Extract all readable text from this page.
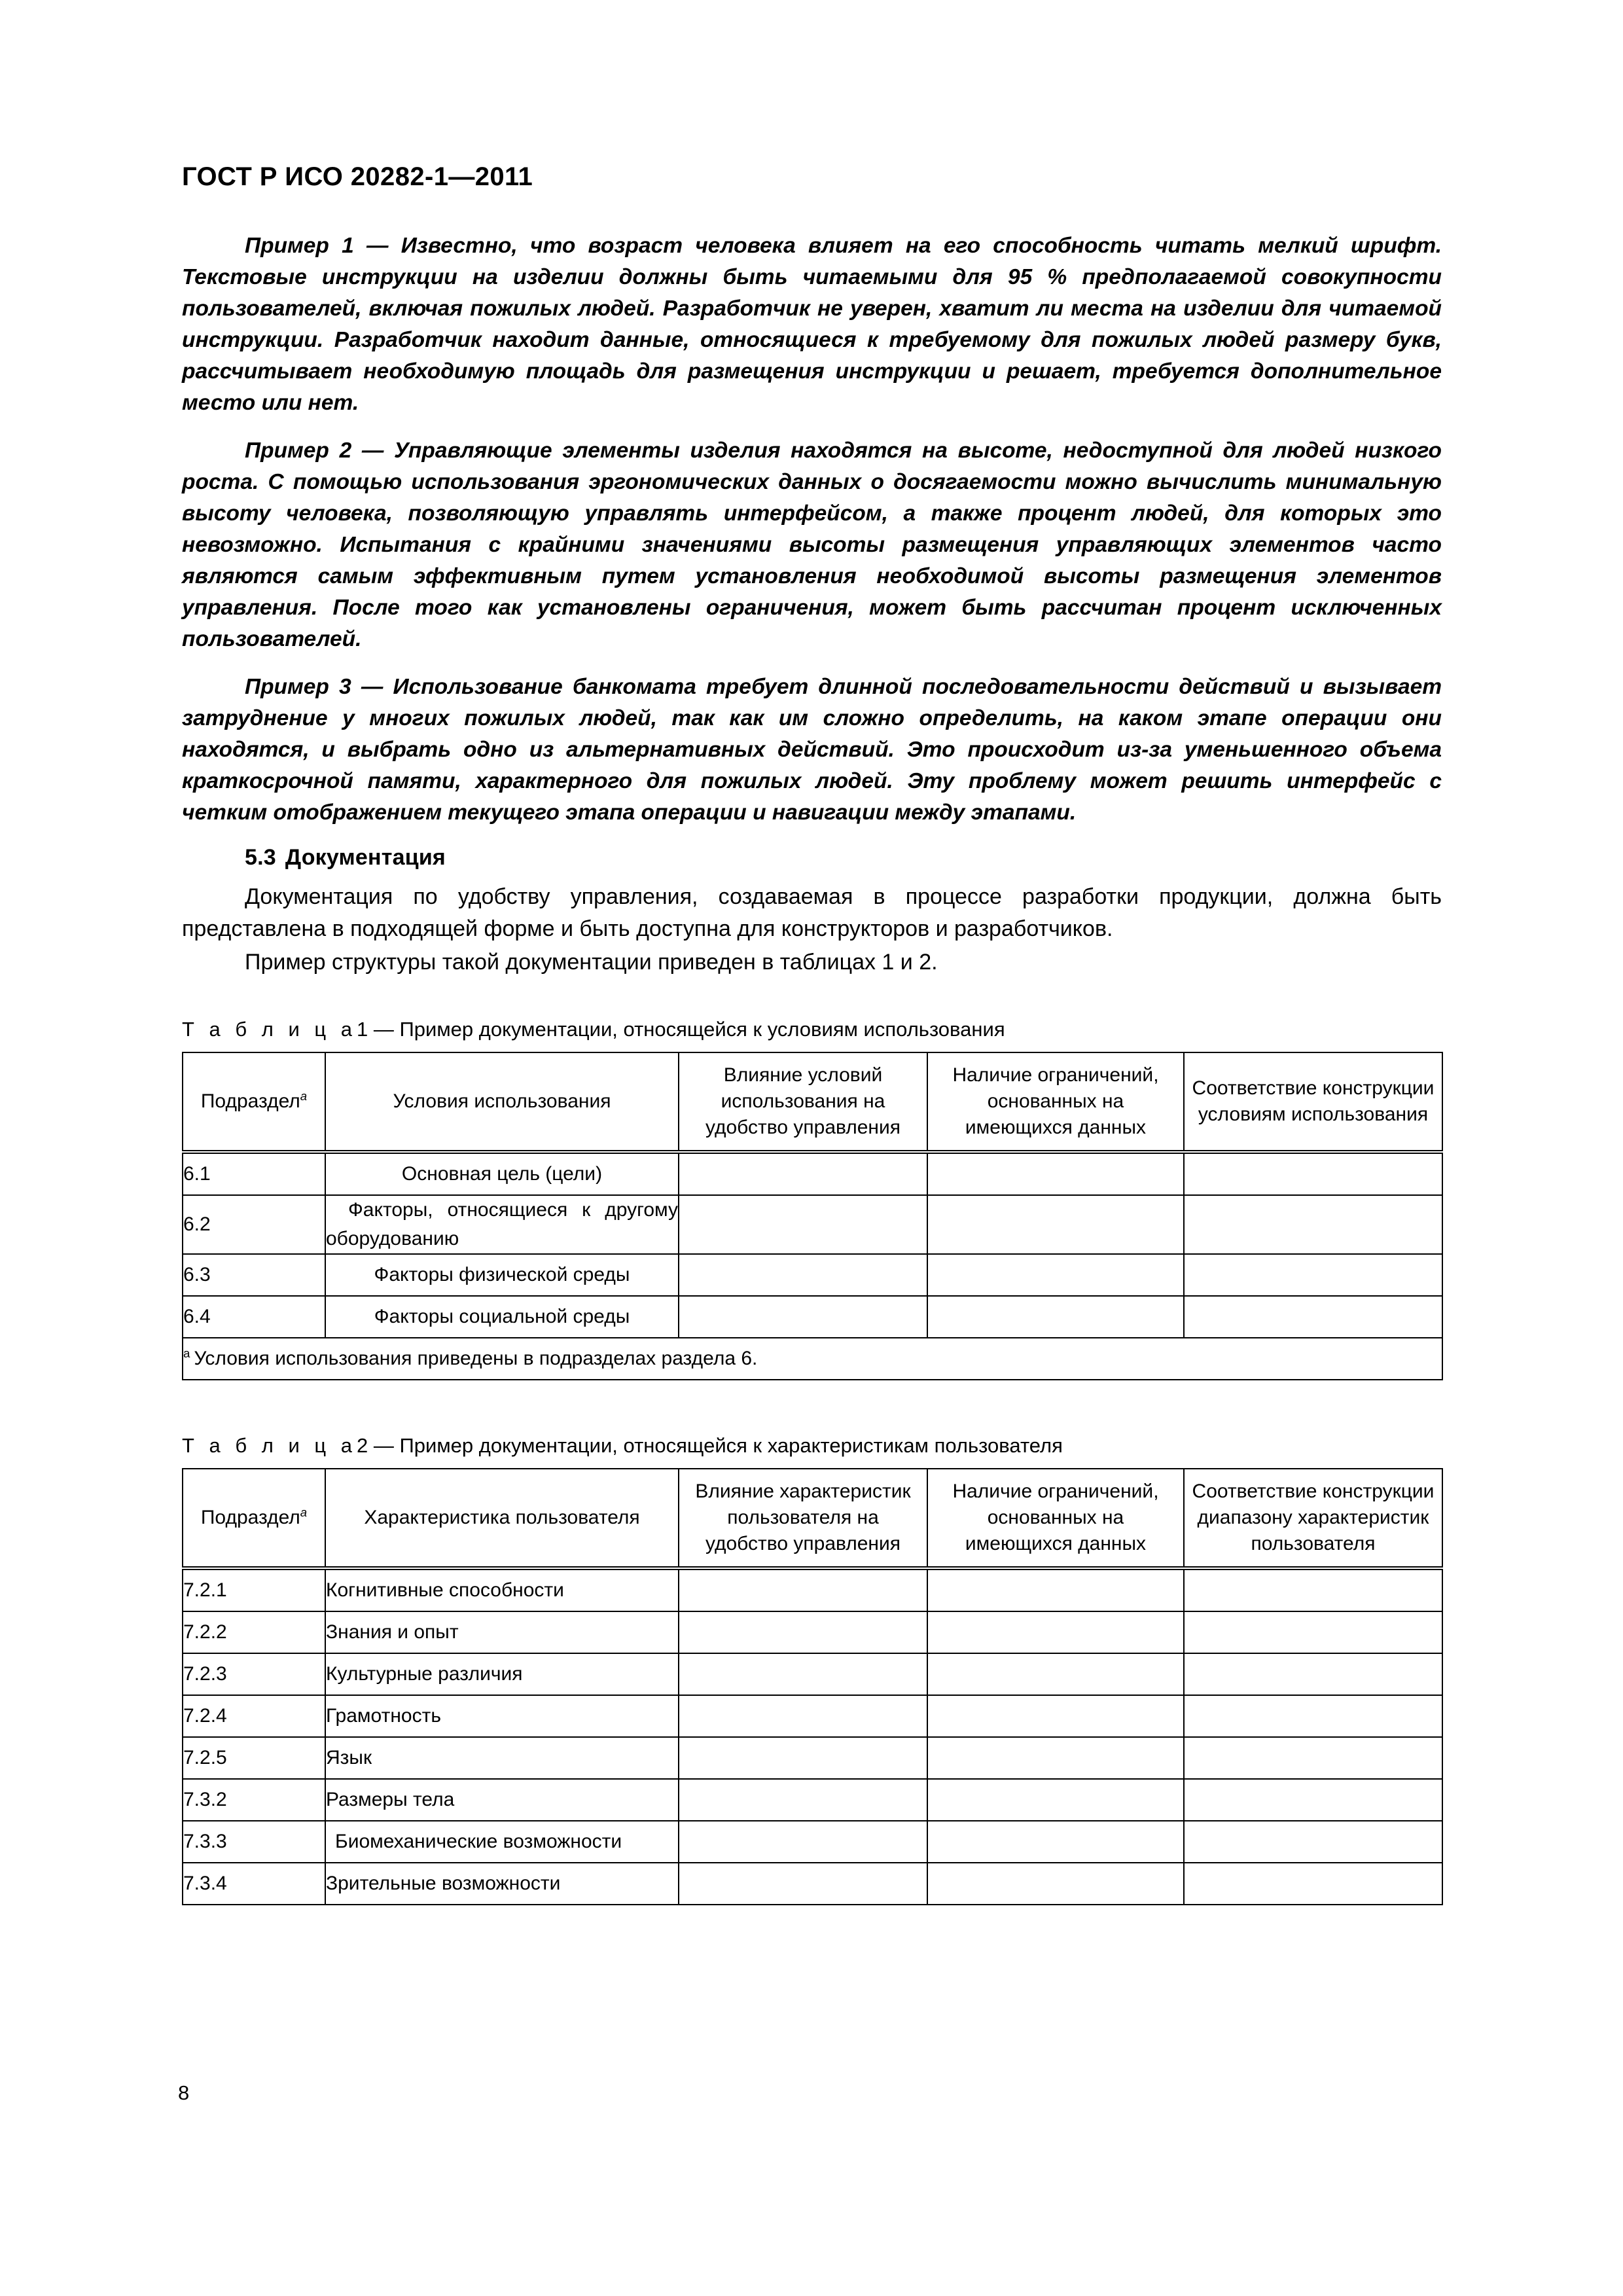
ГОСТ Р ИСО 20282-1—2011

Пример 1 — Известно, что возраст человека влияет на его способность читать мелкий шрифт. Текстовые инструкции на изделии должны быть читаемыми для 95 % предполагаемой совокупности пользователей, включая пожилых людей. Разработчик не уверен, хватит ли места на изделии для читаемой инструкции. Разработчик находит данные, относящиеся к требуемому для пожилых людей размеру букв, рассчитывает необходимую площадь для размещения инструкции и решает, требуется дополнительное место или нет.

Пример 2 — Управляющие элементы изделия находятся на высоте, недоступной для людей низкого роста. С помощью использования эргономических данных о досягаемости можно вычислить минимальную высоту человека, позволяющую управлять интерфейсом, а также процент людей, для которых это невозможно. Испытания с крайними значениями высоты размещения управляющих элементов часто являются самым эффективным путем установления необходимой высоты размещения элементов управления. После того как установлены ограничения, может быть рассчитан процент исключенных пользователей.

Пример 3 — Использование банкомата требует длинной последовательности действий и вызывает затруднение у многих пожилых людей, так как им сложно определить, на каком этапе операции они находятся, и выбрать одно из альтернативных действий. Это происходит из-за уменьшенного объема краткосрочной памяти, характерного для пожилых людей. Эту проблему может решить интерфейс с четким отображением текущего этапа операции и навигации между этапами.

5.3 Документация

Документация по удобству управления, создаваемая в процессе разработки продукции, должна быть представлена в подходящей форме и быть доступна для конструкторов и разработчиков.

Пример структуры такой документации приведен в таблицах 1 и 2.

Т а б л и ц а1 — Пример документации, относящейся к условиям использования
Подраздел$^a$	Условия использования	Влияние условий использования на удобство управления	Наличие ограничений, основанных на имеющихся данных	Соответствие конструкции условиям использования
6.1	Основная цель (цели)			
6.2	Факторы, относящиеся к другому оборудованию			
6.3	Факторы физической среды			
6.4	Факторы социальной среды			
$^a$ Условия использования приведены в подразделах раздела 6.				
Т а б л и ц а2 — Пример документации, относящейся к характеристикам пользователя
Подраздел$^a$	Характеристика пользователя	Влияние характеристик пользователя на удобство управления	Наличие ограничений, основанных на имеющихся данных	Соответствие конструкции диапазону характеристик пользователя
7.2.1	Когнитивные способности			
7.2.2	Знания и опыт			
7.2.3	Культурные различия			
7.2.4	Грамотность			
7.2.5	Язык			
7.3.2	Размеры тела			
7.3.3	Биомеханические возможности			
7.3.4	Зрительные возможности			
8
